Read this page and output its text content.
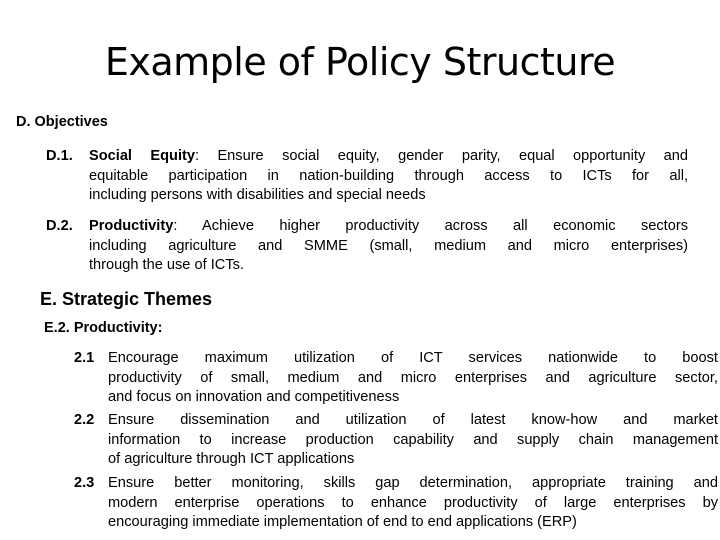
Example of Policy Structure
D. Objectives
D.1. Social Equity: Ensure social equity, gender parity, equal opportunity and
equitable participation in nation-building through access to ICTs for all,
including persons with disabilities and special needs
D.2. Productivity: Achieve higher productivity across all economic sectors
including agriculture and SMME (small, medium and micro enterprises)
through the use of ICTs.
E. Strategic Themes
E.2. Productivity:
2.1 Encourage maximum utilization of ICT services nationwide to boost
productivity of small, medium and micro enterprises and agriculture sector,
and focus on innovation and competitiveness
2.2 Ensure dissemination and utilization of latest know-how and market
information to increase production capability and supply chain management
of agriculture through ICT applications
2.3 Ensure better monitoring, skills gap determination, appropriate training and
modern enterprise operations to enhance productivity of large enterprises by
encouraging immediate implementation of end to end applications (ERP)
